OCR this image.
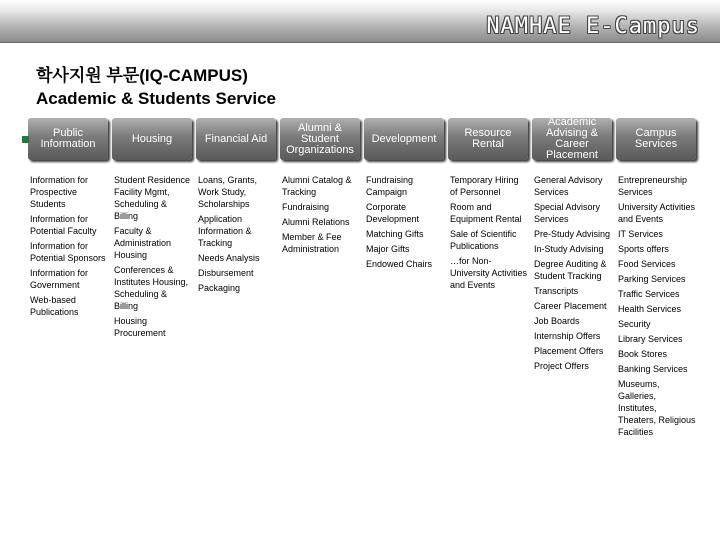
NAMHAE E-Campus
학사지원 부문(IQ-CAMPUS)
Academic & Students Service
Public Information
Information for Prospective Students
Information for Potential Faculty
Information for Potential Sponsors
Information for Government
Web-based Publications
Housing
Student Residence Facility Mgmt, Scheduling & Billing
Faculty & Administration Housing
Conferences & Institutes Housing, Scheduling & Billing
Housing Procurement
Financial Aid
Loans, Grants, Work Study, Scholarships
Application Information & Tracking
Needs Analysis
Disbursement
Packaging
Alumni & Student Organizations
Alumni Catalog & Tracking
Fundraising
Alumni Relations
Member & Fee Administration
Development
Fundraising Campaign
Corporate Development
Matching Gifts
Major Gifts
Endowed Chairs
Resource Rental
Temporary Hiring of Personnel
Room and Equipment Rental
Sale of Scientific Publications
…for Non-University Activities and Events
Academic Advising & Career Placement
General Advisory Services
Special Advisory Services
Pre-Study Advising
In-Study Advising
Degree Auditing & Student Tracking
Transcripts
Career Placement
Job Boards
Internship Offers
Placement Offers
Project Offers
Campus Services
Entrepreneurship Services
University Activities and Events
IT Services
Sports offers
Food Services
Parking Services
Traffic Services
Health Services
Security
Library Services
Book Stores
Banking Services
Museums, Galleries, Institutes, Theaters, Religious Facilities
